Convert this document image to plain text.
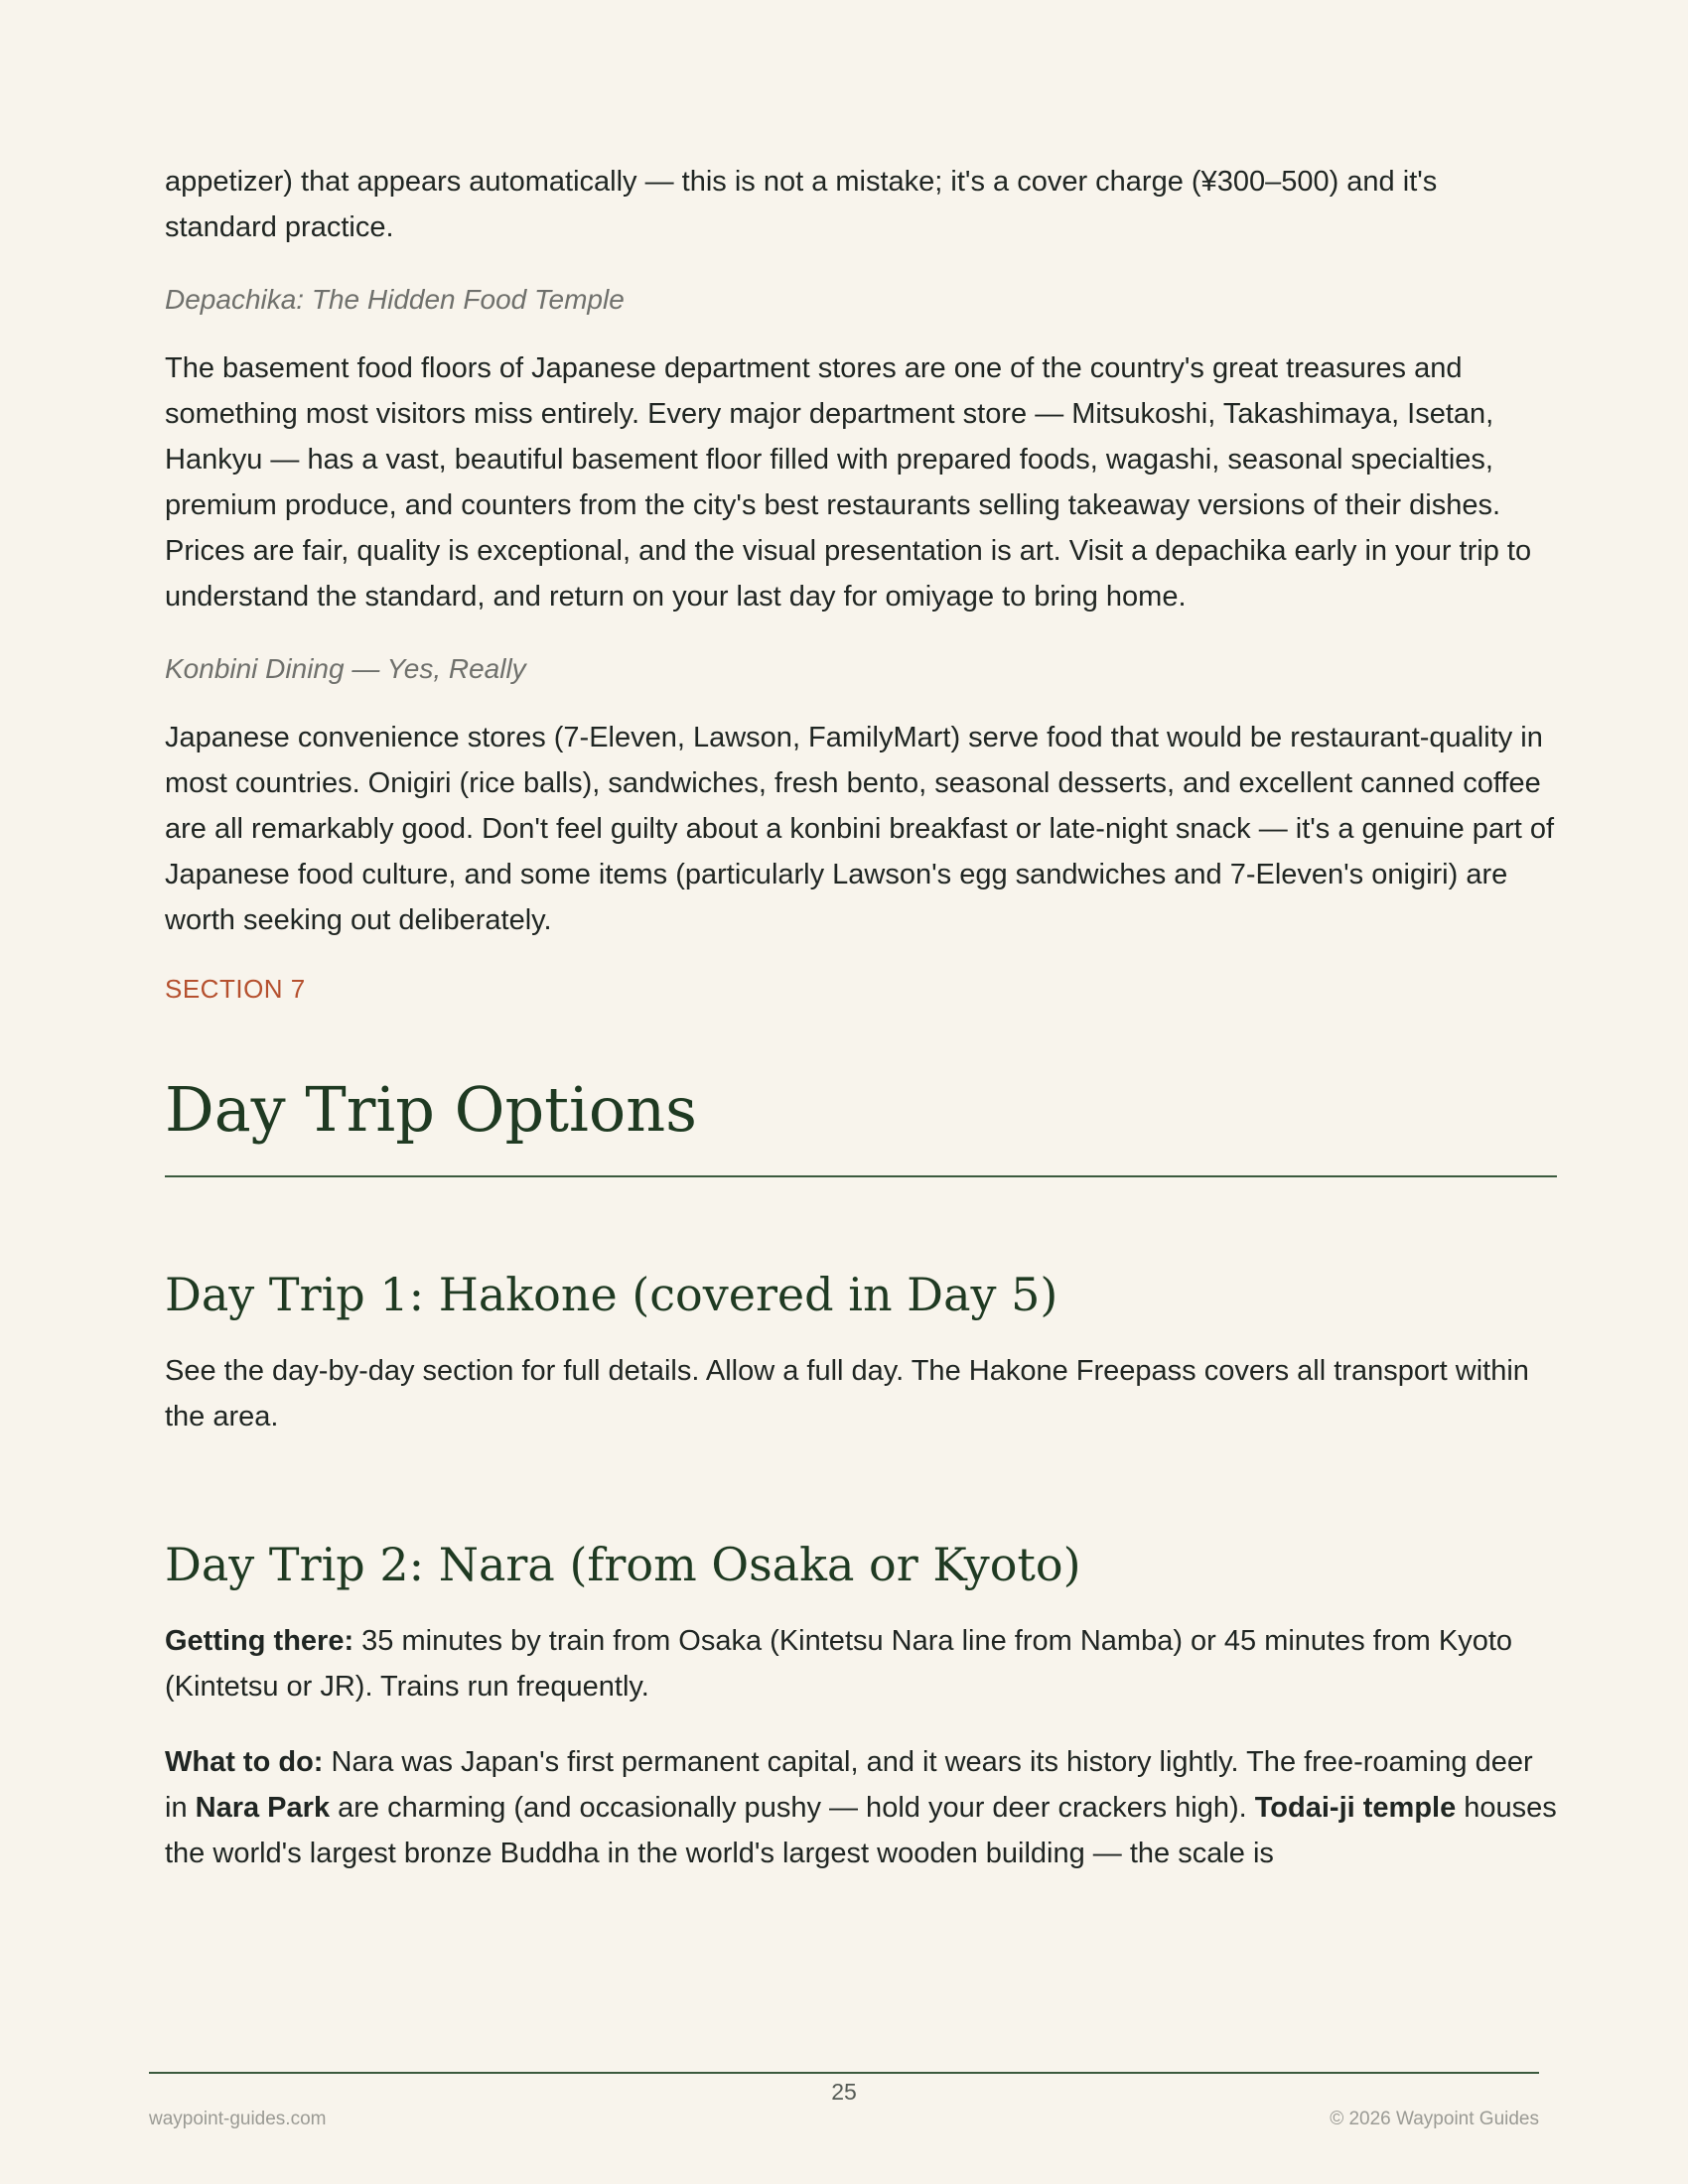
appetizer) that appears automatically — this is not a mistake; it's a cover charge (¥300–500) and it's standard practice.

Depachika: The Hidden Food Temple

The basement food floors of Japanese department stores are one of the country's great treasures and something most visitors miss entirely. Every major department store — Mitsukoshi, Takashimaya, Isetan, Hankyu — has a vast, beautiful basement floor filled with prepared foods, wagashi, seasonal specialties, premium produce, and counters from the city's best restaurants selling takeaway versions of their dishes. Prices are fair, quality is exceptional, and the visual presentation is art. Visit a depachika early in your trip to understand the standard, and return on your last day for omiyage to bring home.

Konbini Dining — Yes, Really

Japanese convenience stores (7-Eleven, Lawson, FamilyMart) serve food that would be restaurant-quality in most countries. Onigiri (rice balls), sandwiches, fresh bento, seasonal desserts, and excellent canned coffee are all remarkably good. Don't feel guilty about a konbini breakfast or late-night snack — it's a genuine part of Japanese food culture, and some items (particularly Lawson's egg sandwiches and 7-Eleven's onigiri) are worth seeking out deliberately.

SECTION 7

Day Trip Options
Day Trip 1: Hakone (covered in Day 5)

See the day-by-day section for full details. Allow a full day. The Hakone Freepass covers all transport within the area.

Day Trip 2: Nara (from Osaka or Kyoto)

Getting there: 35 minutes by train from Osaka (Kintetsu Nara line from Namba) or 45 minutes from Kyoto (Kintetsu or JR). Trains run frequently.

What to do: Nara was Japan's first permanent capital, and it wears its history lightly. The free-roaming deer in Nara Park are charming (and occasionally pushy — hold your deer crackers high). Todai-ji temple houses the world's largest bronze Buddha in the world's largest wooden building — the scale is

25
waypoint-guides.com	© 2026 Waypoint Guides
